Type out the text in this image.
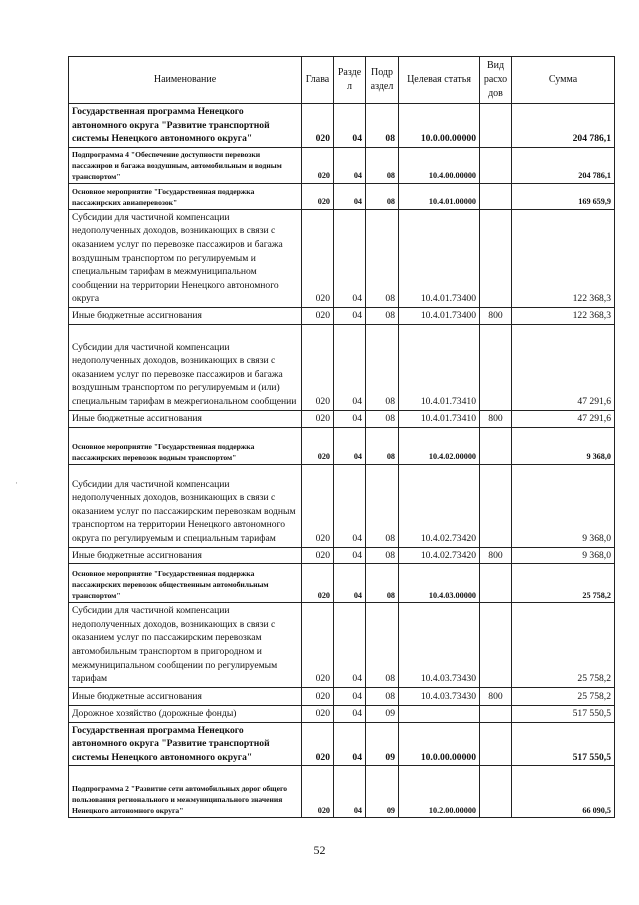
Наименование	Глава	Разде л	Подр аздел	Целевая статья	Вид расхо дов	Сумма
Государственная программа Ненецкого автономного округа "Развитие транспортной системы Ненецкого автономного округа"	020	04	08	10.0.00.00000		204 786,1
Подпрограмма 4 "Обеспечение доступности перевозки пассажиров и багажа воздушным, автомобильным и водным транспортом"	020	04	08	10.4.00.00000		204 786,1
Основное мероприятие "Государственная поддержка пассажирских авиаперевозок"	020	04	08	10.4.01.00000		169 659,9
Субсидии для частичной компенсации недополученных доходов, возникающих в связи с оказанием услуг по перевозке пассажиров и багажа воздушным транспортом по регулируемым и специальным тарифам в межмуниципальном сообщении на территории Ненецкого автономного округа	020	04	08	10.4.01.73400		122 368,3
Иные бюджетные ассигнования	020	04	08	10.4.01.73400	800	122 368,3
Субсидии для частичной компенсации недополученных доходов, возникающих в связи с оказанием услуг по перевозке пассажиров и багажа воздушным транспортом по регулируемым и (или) специальным тарифам в межрегиональном сообщении	020	04	08	10.4.01.73410		47 291,6
Иные бюджетные ассигнования	020	04	08	10.4.01.73410	800	47 291,6
Основное мероприятие "Государственная поддержка пассажирских перевозок водным транспортом"	020	04	08	10.4.02.00000		9 368,0
Субсидии для частичной компенсации недополученных доходов, возникающих в связи с оказанием услуг по пассажирским перевозкам водным транспортом на территории Ненецкого автономного округа по регулируемым и специальным тарифам	020	04	08	10.4.02.73420		9 368,0
Иные бюджетные ассигнования	020	04	08	10.4.02.73420	800	9 368,0
Основное мероприятие "Государственная поддержка пассажирских перевозок общественным автомобильным транспортом"	020	04	08	10.4.03.00000		25 758,2
Субсидии для частичной компенсации недополученных доходов, возникающих в связи с оказанием услуг по пассажирским перевозкам автомобильным транспортом в пригородном и межмуниципальном сообщении по регулируемым тарифам	020	04	08	10.4.03.73430		25 758,2
Иные бюджетные ассигнования	020	04	08	10.4.03.73430	800	25 758,2
Дорожное хозяйство (дорожные фонды)	020	04	09			517 550,5
Государственная программа Ненецкого автономного округа "Развитие транспортной системы Ненецкого автономного округа"	020	04	09	10.0.00.00000		517 550,5
Подпрограмма 2 "Развитие сети автомобильных дорог общего пользования регионального и межмуниципального значения Ненецкого автономного округа"	020	04	09	10.2.00.00000		66 090,5
·
52
